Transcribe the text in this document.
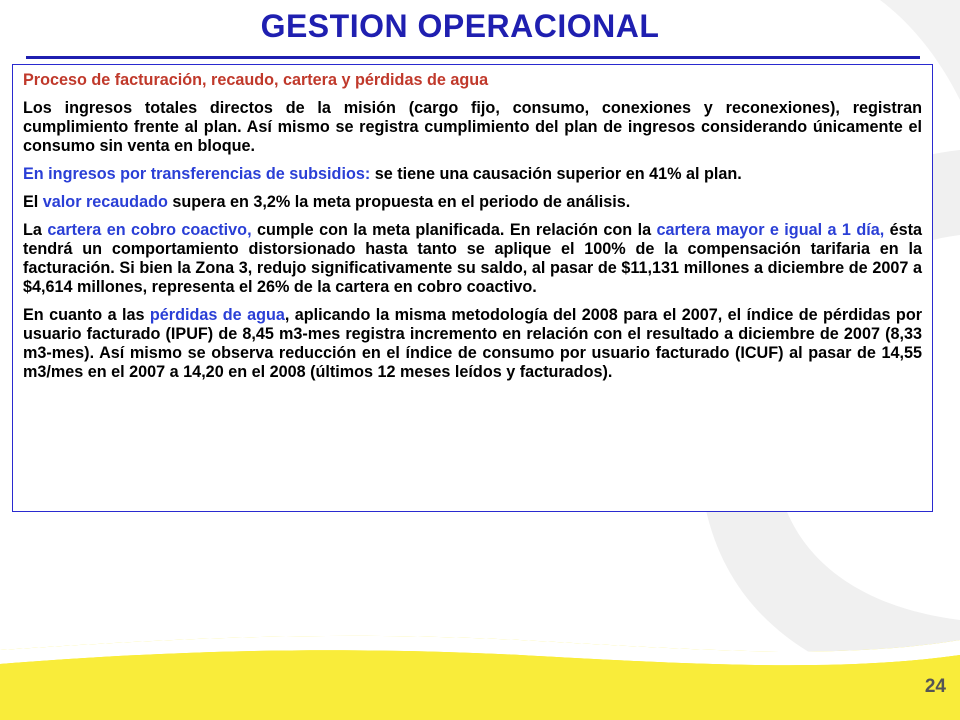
GESTION OPERACIONAL

Proceso de facturación, recaudo, cartera y pérdidas de agua

Los ingresos totales directos de la misión (cargo fijo, consumo, conexiones y reconexiones), registran cumplimiento frente al plan. Así mismo se registra cumplimiento del plan de ingresos considerando únicamente el consumo sin venta en bloque.

En ingresos por transferencias de subsidios: se tiene una causación superior en 41% al plan.

El valor recaudado supera en 3,2% la meta propuesta en el periodo de análisis.

La cartera en cobro coactivo, cumple con la meta planificada. En relación con la cartera mayor e igual a 1 día, ésta tendrá un comportamiento distorsionado hasta tanto se aplique el 100% de la compensación tarifaria en la facturación. Si bien la Zona 3, redujo significativamente su saldo, al pasar de $11,131 millones a diciembre de 2007 a $4,614 millones, representa el 26% de la cartera en cobro coactivo.

En cuanto a las pérdidas de agua, aplicando la misma metodología del 2008 para el 2007, el índice de pérdidas por usuario facturado (IPUF) de 8,45 m3-mes registra incremento en relación con el resultado a diciembre de 2007 (8,33 m3-mes). Así mismo se observa reducción en el índice de consumo por usuario facturado (ICUF) al pasar de 14,55 m3/mes en el 2007 a 14,20 en el 2008 (últimos 12 meses leídos y facturados).

24
